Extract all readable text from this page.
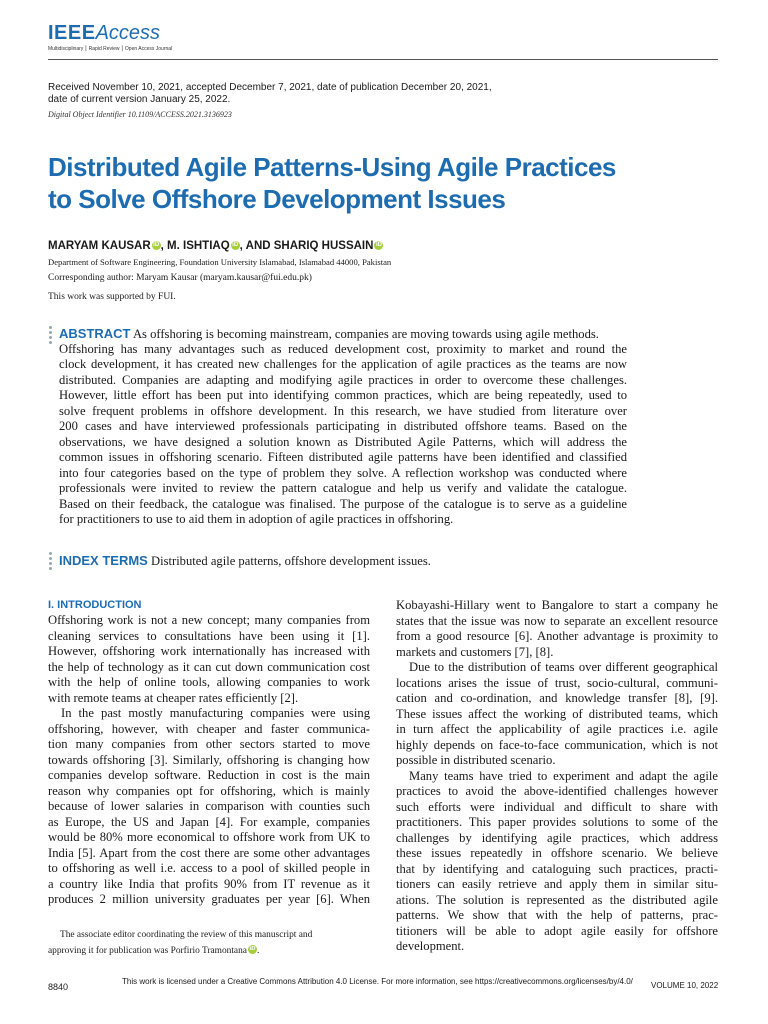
IEEEAccess
Multidisciplinary ⎮ Rapid Review ⎮ Open Access Journal
Received November 10, 2021, accepted December 7, 2021, date of publication December 20, 2021,
date of current version January 25, 2022.
Digital Object Identifier 10.1109/ACCESS.2021.3136923
Distributed Agile Patterns-Using Agile Practices
to Solve Offshore Development Issues
MARYAM KAUSAR iD , M. ISHTIAQ iD , AND SHARIQ HUSSAIN iD
Department of Software Engineering, Foundation University Islamabad, Islamabad 44000, Pakistan
Corresponding author: Maryam Kausar (maryam.kausar@fui.edu.pk)
This work was supported by FUI.
ABSTRACT As offshoring is becoming mainstream, companies are moving towards using agile methods.
Offshoring has many advantages such as reduced development cost, proximity to market and round the
clock development, it has created new challenges for the application of agile practices as the teams are now
distributed. Companies are adapting and modifying agile practices in order to overcome these challenges.
However, little effort has been put into identifying common practices, which are being repeatedly, used to
solve frequent problems in offshore development. In this research, we have studied from literature over
200 cases and have interviewed professionals participating in distributed offshore teams. Based on the
observations, we have designed a solution known as Distributed Agile Patterns, which will address the
common issues in offshoring scenario. Fifteen distributed agile patterns have been identified and classified
into four categories based on the type of problem they solve. A reflection workshop was conducted where
professionals were invited to review the pattern catalogue and help us verify and validate the catalogue.
Based on their feedback, the catalogue was finalised. The purpose of the catalogue is to serve as a guideline
for practitioners to use to aid them in adoption of agile practices in offshoring.
INDEX TERMS Distributed agile patterns, offshore development issues.
I. INTRODUCTION
Offshoring work is not a new concept; many companies from
cleaning services to consultations have been using it [1].
However, offshoring work internationally has increased with
the help of technology as it can cut down communication cost
with the help of online tools, allowing companies to work
with remote teams at cheaper rates efficiently [2].
In the past mostly manufacturing companies were using
offshoring, however, with cheaper and faster communica-
tion many companies from other sectors started to move
towards offshoring [3]. Similarly, offshoring is changing how
companies develop software. Reduction in cost is the main
reason why companies opt for offshoring, which is mainly
because of lower salaries in comparison with counties such
as Europe, the US and Japan [4]. For example, companies
would be 80% more economical to offshore work from UK to
India [5]. Apart from the cost there are some other advantages
to offshoring as well i.e. access to a pool of skilled people in
a country like India that profits 90% from IT revenue as it
produces 2 million university graduates per year [6]. When
Kobayashi-Hillary went to Bangalore to start a company he
states that the issue was now to separate an excellent resource
from a good resource [6]. Another advantage is proximity to
markets and customers [7], [8].
Due to the distribution of teams over different geographical
locations arises the issue of trust, socio-cultural, communi-
cation and co-ordination, and knowledge transfer [8], [9].
These issues affect the working of distributed teams, which
in turn affect the applicability of agile practices i.e. agile
highly depends on face-to-face communication, which is not
possible in distributed scenario.
Many teams have tried to experiment and adapt the agile
practices to avoid the above-identified challenges however
such efforts were individual and difficult to share with
practitioners. This paper provides solutions to some of the
challenges by identifying agile practices, which address
these issues repeatedly in offshore scenario. We believe
that by identifying and cataloguing such practices, practi-
tioners can easily retrieve and apply them in similar situ-
ations. The solution is represented as the distributed agile
patterns. We show that with the help of patterns, prac-
titioners will be able to adopt agile easily for offshore
development.
The associate editor coordinating the review of this manuscript and
approving it for publication was Porfirio Tramontana iD .
8840
This work is licensed under a Creative Commons Attribution 4.0 License. For more information, see https://creativecommons.org/licenses/by/4.0/ VOLUME 10, 2022
